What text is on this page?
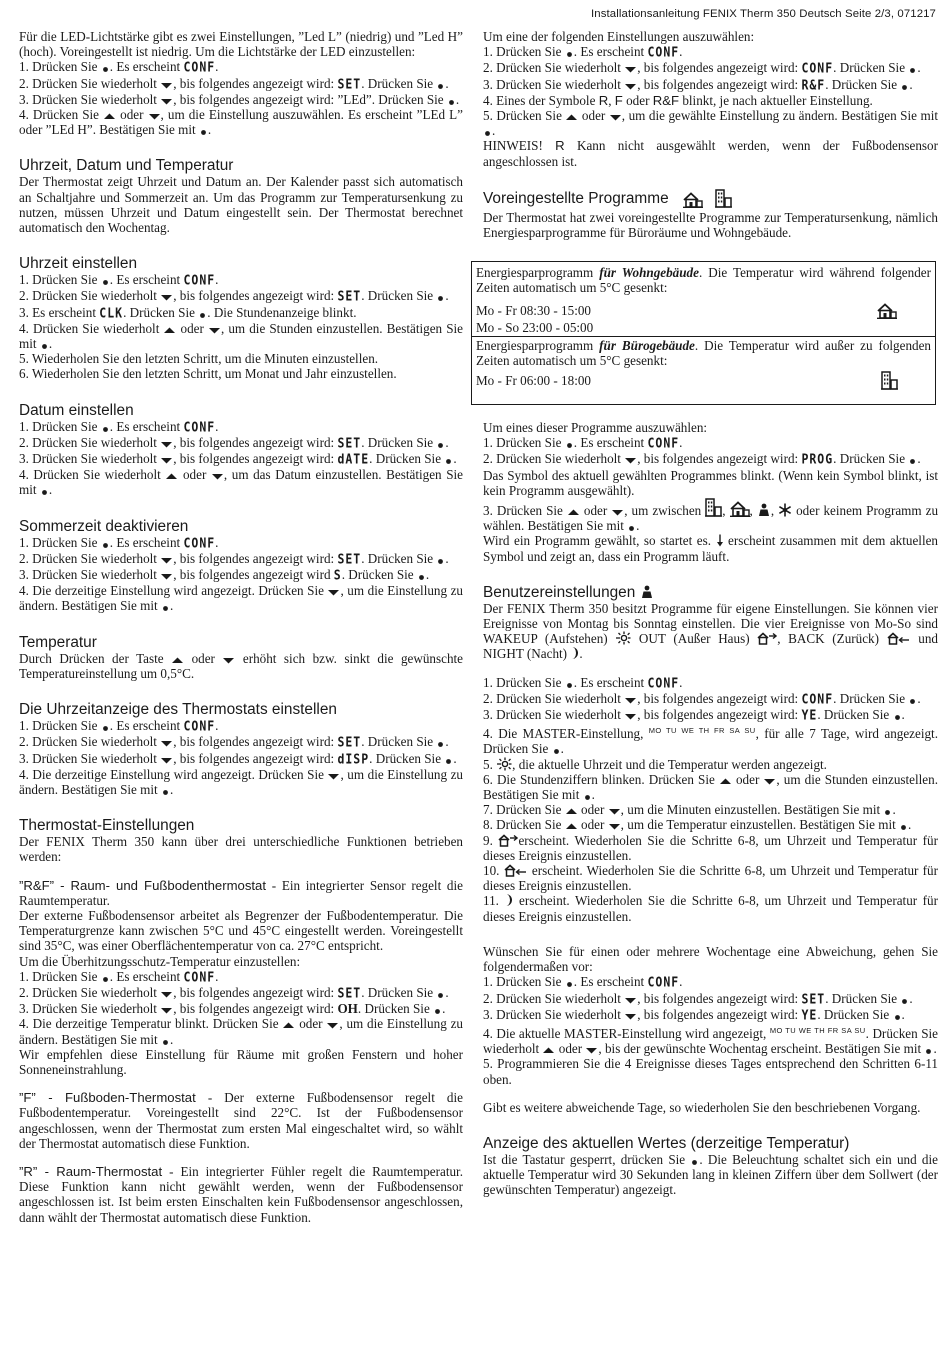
Installationsanleitung FENIX Therm 350 Deutsch Seite 2/3, 071217

Für die LED-Lichtstärke gibt es zwei Einstellungen, ”Led L” (niedrig) und ”Led H” (hoch). Voreingestellt ist niedrig. Um die Lichtstärke der LED einzustellen:

1. Drücken Sie
. Es erscheint CONF.

2. Drücken Sie wiederholt
, bis folgendes angezeigt wird: SET. Drücken Sie
.

3. Drücken Sie wiederholt
, bis folgendes angezeigt wird: ”LEd”. Drücken Sie
.

4. Drücken Sie
oder
, um die Einstellung auszuwählen. Es erscheint ”LEd L” oder ”LEd H”. Bestätigen Sie mit
.

Uhrzeit, Datum und Temperatur

Der Thermostat zeigt Uhrzeit und Datum an. Der Kalender passt sich automatisch an Schaltjahre und Sommerzeit an. Um das Programm zur Temperatursenkung zu nutzen, müssen Uhrzeit und Datum eingestellt sein. Der Thermostat berechnet automatisch den Wochentag.

Uhrzeit einstellen

1. Drücken Sie
. Es erscheint CONF.

2. Drücken Sie wiederholt
, bis folgendes angezeigt wird: SET. Drücken Sie
.

3. Es erscheint CLK. Drücken Sie
. Die Stundenanzeige blinkt.

4. Drücken Sie wiederholt
oder
, um die Stunden einzustellen. Bestätigen Sie mit
.

5. Wiederholen Sie den letzten Schritt, um die Minuten einzustellen.

6. Wiederholen Sie den letzten Schritt, um Monat und Jahr einzustellen.

Datum einstellen

1. Drücken Sie
. Es erscheint CONF.

2. Drücken Sie wiederholt
, bis folgendes angezeigt wird: SET. Drücken Sie
.

3. Drücken Sie wiederholt
, bis folgendes angezeigt wird: dATE. Drücken Sie
.

4. Drücken Sie wiederholt
oder
, um das Datum einzustellen. Bestätigen Sie mit
.

Sommerzeit deaktivieren

1. Drücken Sie
. Es erscheint CONF.

2. Drücken Sie wiederholt
, bis folgendes angezeigt wird: SET. Drücken Sie
.

3. Drücken Sie wiederholt
, bis folgendes angezeigt wird S. Drücken Sie
.

4. Die derzeitige Einstellung wird angezeigt. Drücken Sie
, um die Einstellung zu ändern. Bestätigen Sie mit
.

Temperatur

Durch Drücken der Taste
oder
erhöht sich bzw. sinkt die gewünschte Temperatureinstellung um 0,5°C.

Die Uhrzeitanzeige des Thermostats einstellen

1. Drücken Sie
. Es erscheint CONF.

2. Drücken Sie wiederholt
, bis folgendes angezeigt wird: SET. Drücken Sie
.

3. Drücken Sie wiederholt
, bis folgendes angezeigt wird: dISP. Drücken Sie
.

4. Die derzeitige Einstellung wird angezeigt. Drücken Sie
, um die Einstellung zu ändern. Bestätigen Sie mit
.

Thermostat-Einstellungen

Der FENIX Therm 350 kann über drei unterschiedliche Funktionen betrieben werden:

”R&F” - Raum- und Fußbodenthermostat - Ein integrierter Sensor regelt die Raumtemperatur.

Der externe Fußbodensensor arbeitet als Begrenzer der Fußbodentemperatur. Die Temperaturgrenze kann zwischen 5°C und 45°C eingestellt werden. Voreingestellt sind 35°C, was einer Oberflächentemperatur von ca. 27°C entspricht.

Um die Überhitzungsschutz-Temperatur einzustellen:

1. Drücken Sie
. Es erscheint CONF.

2. Drücken Sie wiederholt
, bis folgendes angezeigt wird: SET. Drücken Sie
.

3. Drücken Sie wiederholt
, bis folgendes angezeigt wird: OH. Drücken Sie
.

4. Die derzeitige Temperatur blinkt. Drücken Sie
oder
, um die Einstellung zu ändern. Bestätigen Sie mit
.

Wir empfehlen diese Einstellung für Räume mit großen Fenstern und hoher Sonneneinstrahlung.

”F” - Fußboden-Thermostat - Der externe Fußbodensensor regelt die Fußbodentemperatur. Voreingestellt sind 22°C. Ist der Fußbodensensor angeschlossen, wenn der Thermostat zum ersten Mal eingeschaltet wird, so wählt der Thermostat automatisch diese Funktion.

”R” - Raum-Thermostat - Ein integrierter Fühler regelt die Raumtemperatur. Diese Funktion kann nicht gewählt werden, wenn der Fußbodensensor angeschlossen ist. Ist beim ersten Einschalten kein Fußbodensensor angeschlossen, dann wählt der Thermostat automatisch diese Funktion.

Um eine der folgenden Einstellungen auszuwählen:

1. Drücken Sie
. Es erscheint CONF.

2. Drücken Sie wiederholt
, bis folgendes angezeigt wird: CONF. Drücken Sie
.

3. Drücken Sie wiederholt
, bis folgendes angezeigt wird: R&F. Drücken Sie
.

4. Eines der Symbole R, F oder R&F blinkt, je nach aktueller Einstellung.

5. Drücken Sie
oder
, um die gewählte Einstellung zu ändern. Bestätigen Sie mit
.

HINWEIS! R Kann nicht ausgewählt werden, wenn der Fußbodensensor angeschlossen ist.

Voreingestellte Programme

Der Thermostat hat zwei voreingestellte Programme zur Temperatursenkung, nämlich Energiesparprogramme für Büroräume und Wohngebäude.

Energiesparprogramm für Wohngebäude. Die Temperatur wird während folgender Zeiten automatisch um 5°C gesenkt:

Mo - Fr 08:30 - 15:00
Mo - So 23:00 - 05:00

Energiesparprogramm für Bürogebäude. Die Temperatur wird außer zu folgenden Zeiten automatisch um 5°C gesenkt:

Mo - Fr 06:00 - 18:00

Um eines dieser Programme auszuwählen:

1. Drücken Sie
. Es erscheint CONF.

2. Drücken Sie wiederholt
, bis folgendes angezeigt wird: PROG. Drücken Sie
.

Das Symbol des aktuell gewählten Programmes blinkt. (Wenn kein Symbol blinkt, ist kein Programm ausgewählt).

3. Drücken Sie
oder
, um zwischen
,
,
,
oder keinem Programm zu wählen. Bestätigen Sie mit
.

Wird ein Programm gewählt, so startet es.
erscheint zusammen mit dem aktuellen Symbol und zeigt an, dass ein Programm läuft.

Benutzereinstellungen

Der FENIX Therm 350 besitzt Programme für eigene Einstellungen. Sie können vier Ereignisse von Montag bis Sonntag einstellen. Die vier Ereignisse von Mo-So sind WAKEUP (Aufstehen)
OUT (Außer Haus)
, BACK (Zurück)
und NIGHT (Nacht)
.

1. Drücken Sie
. Es erscheint CONF.

2. Drücken Sie wiederholt
, bis folgendes angezeigt wird: CONF. Drücken Sie
.

3. Drücken Sie wiederholt
, bis folgendes angezeigt wird: YE. Drücken Sie
.

4. Die MASTER-Einstellung, $^{MO TU WE TH FR SA SU}$, für alle 7 Tage, wird angezeigt. Drücken Sie
.

5.
, die aktuelle Uhrzeit und die Temperatur werden angezeigt.

6. Die Stundenziffern blinken. Drücken Sie
oder
, um die Stunden einzustellen. Bestätigen Sie mit
.

7. Drücken Sie
oder
, um die Minuten einzustellen. Bestätigen Sie mit
.

8. Drücken Sie
oder
, um die Temperatur einzustellen. Bestätigen Sie mit
.

9.
erscheint. Wiederholen Sie die Schritte 6-8, um Uhrzeit und Temperatur für dieses Ereignis einzustellen.

10.
erscheint. Wiederholen Sie die Schritte 6-8, um Uhrzeit und Temperatur für dieses Ereignis einzustellen.

11.
erscheint. Wiederholen Sie die Schritte 6-8, um Uhrzeit und Temperatur für dieses Ereignis einzustellen.

Wünschen Sie für einen oder mehrere Wochentage eine Abweichung, gehen Sie folgendermaßen vor:

1. Drücken Sie
. Es erscheint CONF.

2. Drücken Sie wiederholt
, bis folgendes angezeigt wird: SET. Drücken Sie
.

3. Drücken Sie wiederholt
, bis folgendes angezeigt wird: YE. Drücken Sie
.

4. Die aktuelle MASTER-Einstellung wird angezeigt, $^{MO TU WE TH FR SA SU}$. Drücken Sie wiederholt
oder
, bis der gewünschte Wochentag erscheint. Bestätigen Sie mit
.

5. Programmieren Sie die 4 Ereignisse dieses Tages entsprechend den Schritten 6-11 oben.

Gibt es weitere abweichende Tage, so wiederholen Sie den beschriebenen Vorgang.

Anzeige des aktuellen Wertes (derzeitige Temperatur)

Ist die Tastatur gesperrt, drücken Sie
. Die Beleuchtung schaltet sich ein und die aktuelle Temperatur wird 30 Sekunden lang in kleinen Ziffern über dem Sollwert (der gewünschten Temperatur) angezeigt.
